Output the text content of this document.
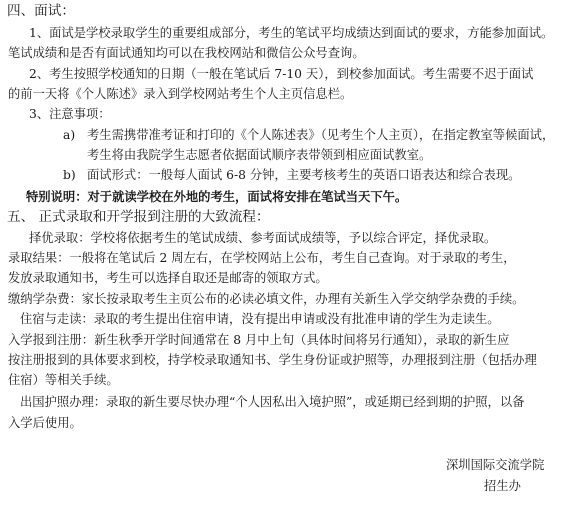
四、面试：
1、面试是学校录取学生的重要组成部分，考生的笔试平均成绩达到面试的要求，方能参加面试。
笔试成绩和是否有面试通知均可以在我校网站和微信公众号查询。
2、考生按照学校通知的日期（一般在笔试后 7-10 天），到校参加面试。考生需要不迟于面试
的前一天将《个人陈述》录入到学校网站考生个人主页信息栏。
3、注意事项：
a) 考生需携带准考证和打印的《个人陈述表》（见考生个人主页），在指定教室等候面试，
考生将由我院学生志愿者依据面试顺序表带领到相应面试教室。
b) 面试形式：一般每人面试 6-8 分钟，主要考核考生的英语口语表达和综合表现。
特别说明：对于就读学校在外地的考生，面试将安排在笔试当天下午。
五、 正式录取和开学报到注册的大致流程：
择优录取：学校将依据考生的笔试成绩、参考面试成绩等，予以综合评定，择优录取。
录取结果：一般将在笔试后 2 周左右，在学校网站上公布，考生自己查询。对于录取的考生，
发放录取通知书，考生可以选择自取还是邮寄的领取方式。
缴纳学杂费：家长按录取考生主页公布的必读必填文件，办理有关新生入学交纳学杂费的手续。
住宿与走读：录取的考生提出住宿申请，没有提出申请或没有批准申请的学生为走读生。
入学报到注册：新生秋季开学时间通常在 8 月中上旬（具体时间将另行通知），录取的新生应
按注册报到的具体要求到校，持学校录取通知书、学生身份证或护照等，办理报到注册（包括办理
住宿）等相关手续。
出国护照办理：录取的新生要尽快办理“个人因私出入境护照”，或延期已经到期的护照，以备
入学后使用。
深圳国际交流学院
招生办
